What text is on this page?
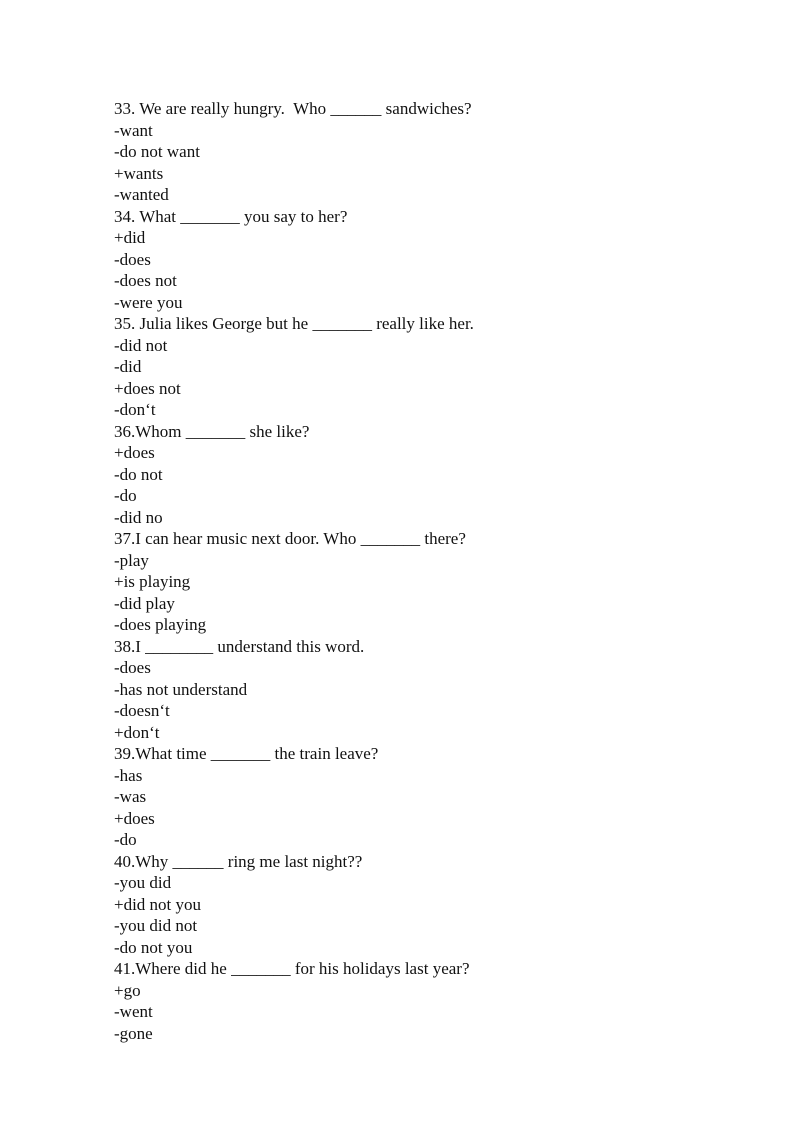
33. We are really hungry.  Who ______ sandwiches?
-want
-do not want
+wants
-wanted
34. What _______ you say to her?
+did
-does
-does not
-were you
35. Julia likes George but he _______ really like her.
-did not
-did
+does not
-don‘t
36.Whom _______ she like?
+does
-do not
-do
-did no
37.I can hear music next door. Who _______ there?
-play
+is playing
-did play
-does playing
38.I ________ understand this word.
-does
-has not understand
-doesn‘t
+don‘t
39.What time _______ the train leave?
-has
-was
+does
-do
40.Why ______ ring me last night??
-you did
+did not you
-you did not
-do not you
41.Where did he _______ for his holidays last year?
+go
-went
-gone
